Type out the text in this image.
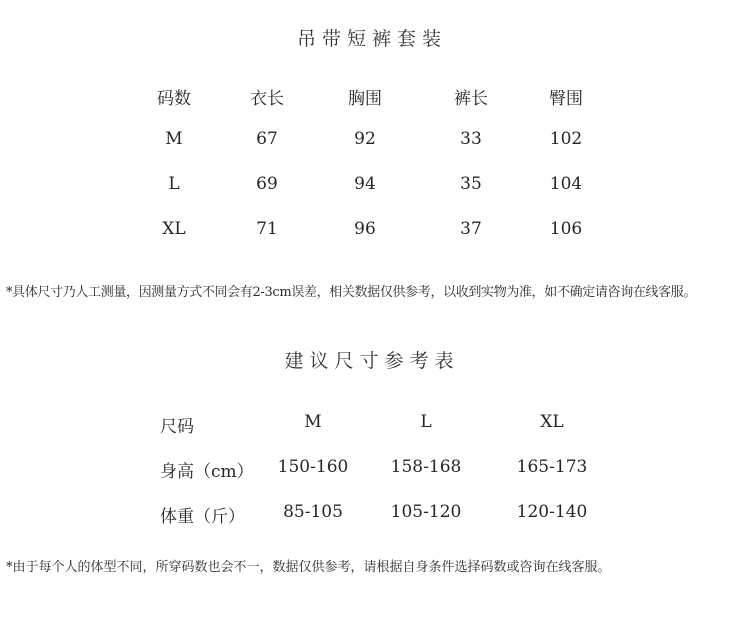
吊带短裤套装
码数	衣长	胸围	裤长	臀围
M	67	92	33	102
L	69	94	35	104
XL	71	96	37	106
*具体尺寸乃人工测量，因测量方式不同会有2-3cm误差，相关数据仅供参考，以收到实物为准，如不确定请咨询在线客服。
建议尺寸参考表
尺码	M	L	XL
身高（cm） 150-160 158-168	165-173
体重（斤） 85-105	105-120	120-140
*由于每个人的体型不同，所穿码数也会不一，数据仅供参考，请根据自身条件选择码数或咨询在线客服。
